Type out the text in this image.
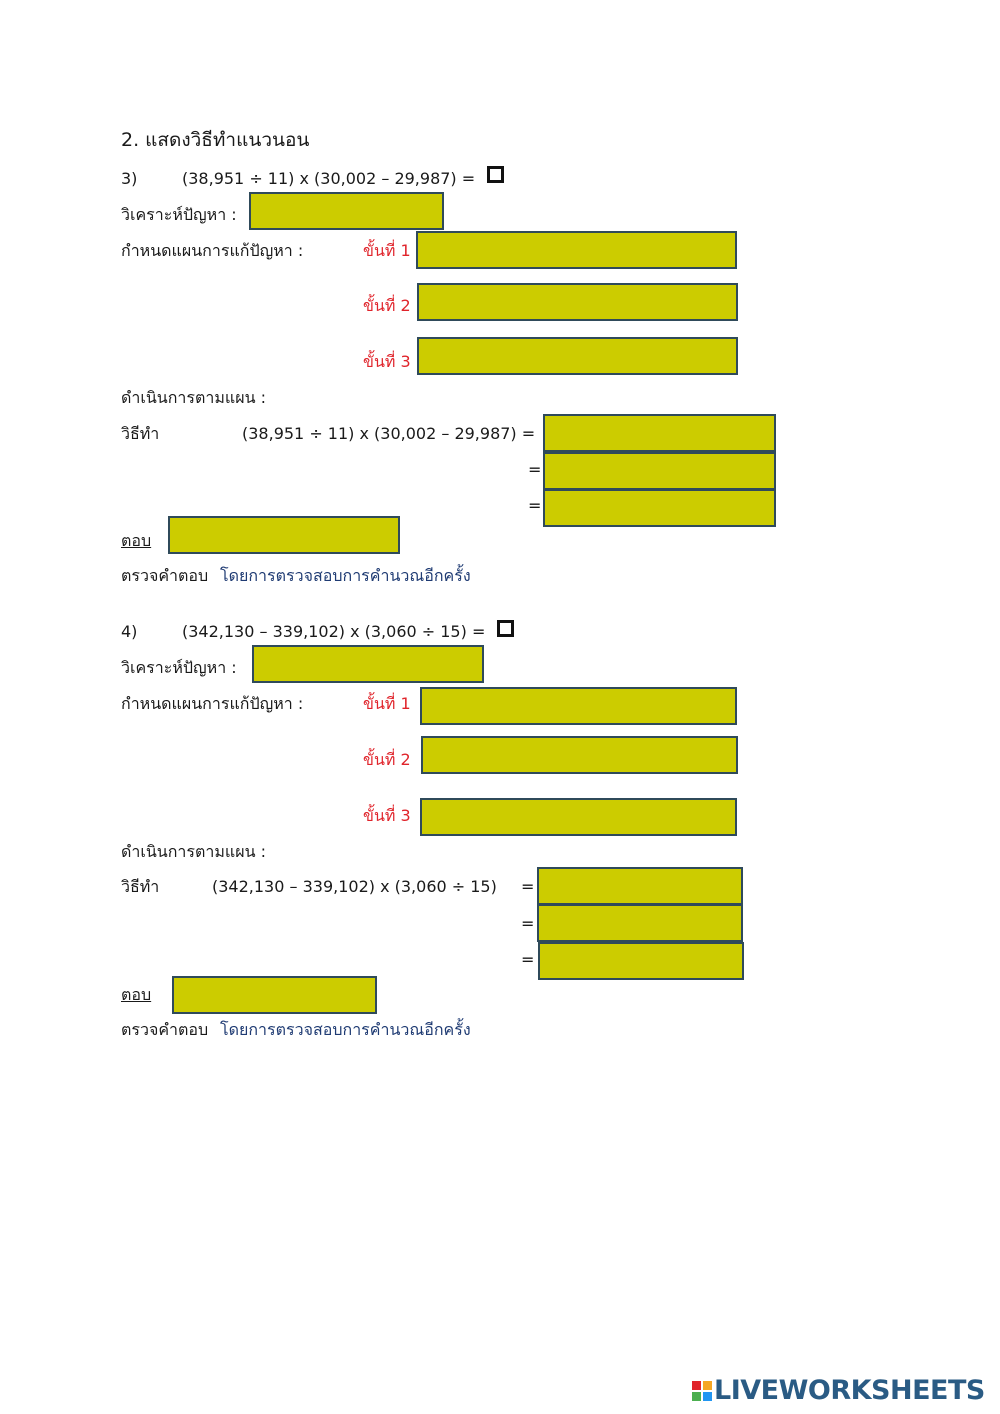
2. แสดงวิธีทำแนวนอน
3)	(38,951 ÷ 11) x (30,002 – 29,987) =
วิเคราะห์ปัญหา :
กำหนดแผนการแก้ปัญหา :	ขั้นที่ 1
ขั้นที่ 2
ขั้นที่ 3
ดำเนินการตามแผน :
วิธีทำ	(38,951 ÷ 11) x (30,002 – 29,987) =
=
=
ตอบ
ตรวจคำตอบ โดยการตรวจสอบการคำนวณอีกครั้ง
4)	(342,130 – 339,102) x (3,060 ÷ 15) =
วิเคราะห์ปัญหา :
กำหนดแผนการแก้ปัญหา :	ขั้นที่ 1
ขั้นที่ 2
ขั้นที่ 3
ดำเนินการตามแผน :
วิธีทำ	(342,130 – 339,102) x (3,060 ÷ 15) =
=
=
ตอบ
ตรวจคำตอบ โดยการตรวจสอบการคำนวณอีกครั้ง
LIVEWORKSHEETS
